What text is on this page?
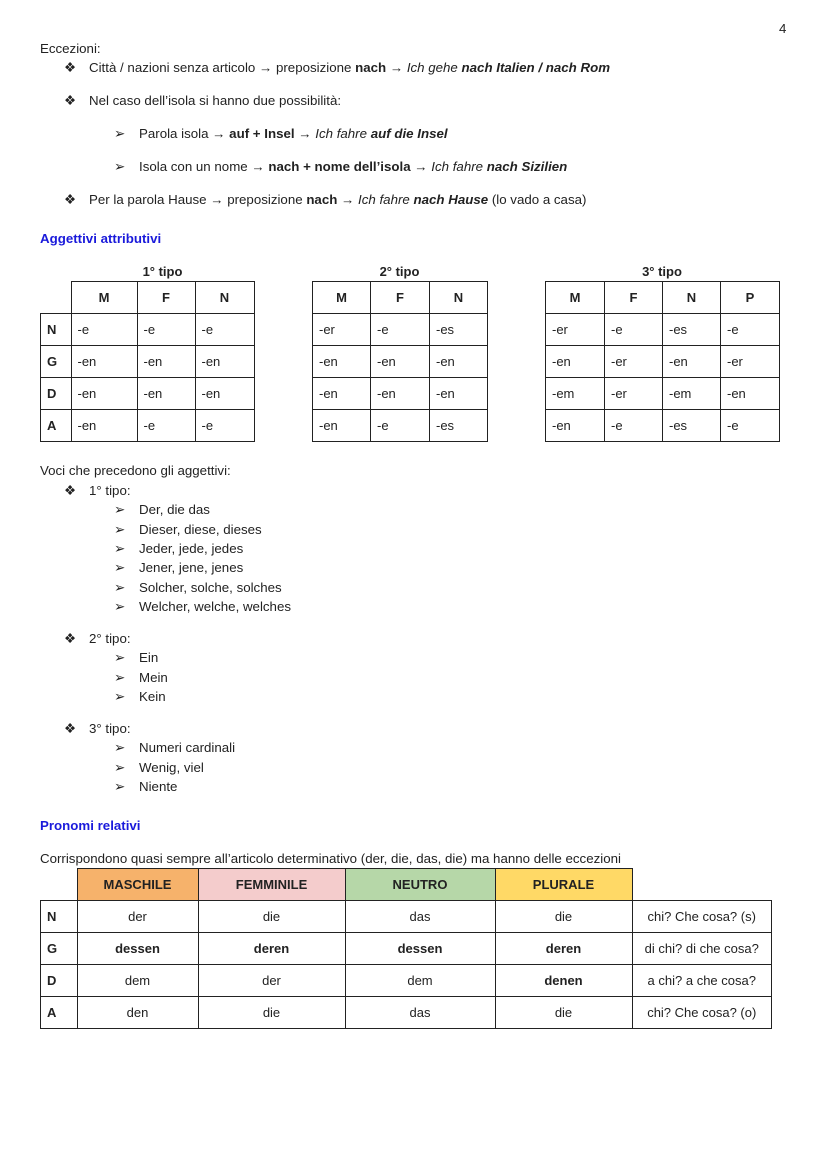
4
Eccezioni:
Aggettivi attributivi
Voci che precedono gli aggettivi:
Pronomi relativi
Corrispondono quasi sempre all’articolo determinativo (der, die, das, die) ma hanno delle eccezioni
	MASCHILE	FEMMINILE	NEUTRO	PLURALE	
N	der	die	das	die	chi? Che cosa? (s)
G	dessen	deren	dessen	deren	di chi? di che cosa?
D	dem	der	dem	denen	a chi? a che cosa?
A	den	die	das	die	chi? Che cosa? (o)
❖ Città / nazioni senza articolo → preposizione nach → Ich gehe nach Italien / nach Rom
❖ Nel caso dell’isola si hanno due possibilità:
➢ Parola isola → auf + Insel → Ich fahre auf die Insel
➢ Isola con un nome → nach + nome dell’isola → Ich fahre nach Sizilien
❖ Per la parola Hause → preposizione nach → Ich fahre nach Hause (lo vado a casa)
1° tipo
	M	F	N
N	-e	-e	-e
G	-en	-en	-en
D	-en	-en	-en
A	-en	-e	-e
2° tipo
M	F	N
-er	-e	-es
-en	-en	-en
-en	-en	-en
-en	-e	-es
3° tipo
M	F	N	P
-er	-e	-es	-e
-en	-er	-en	-er
-em	-er	-em	-en
-en	-e	-es	-e
❖ 1° tipo:
➢ Der, die das
➢ Dieser, diese, dieses
➢ Jeder, jede, jedes
➢ Jener, jene, jenes
➢ Solcher, solche, solches
➢ Welcher, welche, welches
❖ 2° tipo:
➢ Ein
➢ Mein
➢ Kein
❖ 3° tipo:
➢ Numeri cardinali
➢ Wenig, viel
➢ Niente
